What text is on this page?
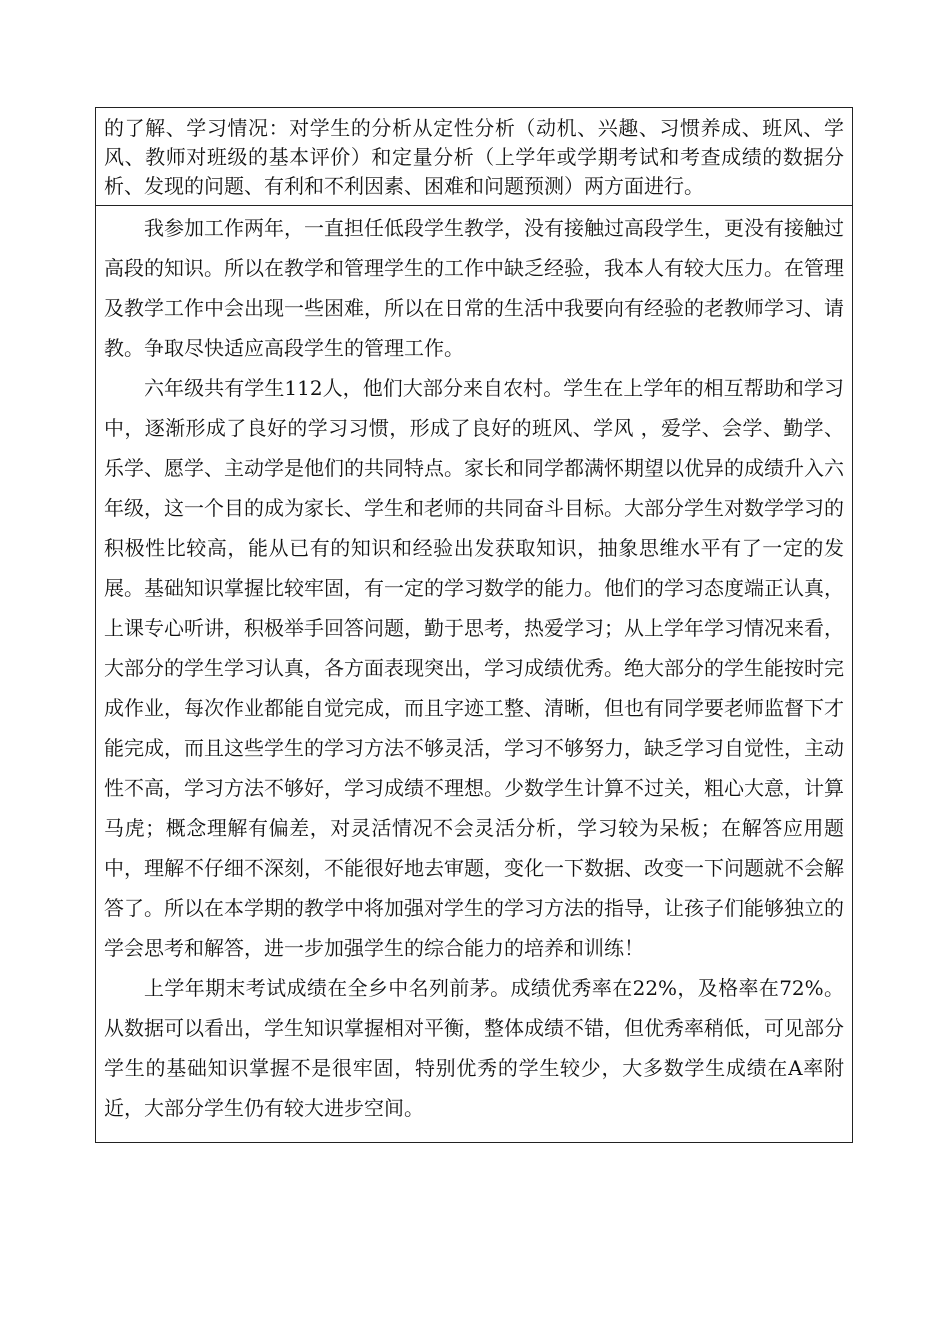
的了解、学习情况：对学生的分析从定性分析（动机、兴趣、习惯养成、班风、学风、教师对班级的基本评价）和定量分析（上学年或学期考试和考查成绩的数据分析、发现的问题、有利和不利因素、困难和问题预测）两方面进行。

我参加工作两年，一直担任低段学生教学，没有接触过高段学生，更没有接触过高段的知识。所以在教学和管理学生的工作中缺乏经验，我本人有较大压力。在管理及教学工作中会出现一些困难，所以在日常的生活中我要向有经验的老教师学习、请教。争取尽快适应高段学生的管理工作。

六年级共有学生112人，他们大部分来自农村。学生在上学年的相互帮助和学习中，逐渐形成了良好的学习习惯，形成了良好的班风、学风 ，爱学、会学、勤学、乐学、愿学、主动学是他们的共同特点。家长和同学都满怀期望以优异的成绩升入六年级，这一个目的成为家长、学生和老师的共同奋斗目标。大部分学生对数学学习的积极性比较高，能从已有的知识和经验出发获取知识，抽象思维水平有了一定的发展。基础知识掌握比较牢固，有一定的学习数学的能力。他们的学习态度端正认真，上课专心听讲，积极举手回答问题，勤于思考，热爱学习；从上学年学习情况来看，大部分的学生学习认真，各方面表现突出，学习成绩优秀。绝大部分的学生能按时完成作业，每次作业都能自觉完成，而且字迹工整、清晰，但也有同学要老师监督下才能完成，而且这些学生的学习方法不够灵活，学习不够努力，缺乏学习自觉性，主动性不高，学习方法不够好，学习成绩不理想。少数学生计算不过关，粗心大意，计算马虎；概念理解有偏差，对灵活情况不会灵活分析，学习较为呆板；在解答应用题中，理解不仔细不深刻，不能很好地去审题，变化一下数据、改变一下问题就不会解答了。所以在本学期的教学中将加强对学生的学习方法的指导，让孩子们能够独立的学会思考和解答，进一步加强学生的综合能力的培养和训练！

上学年期末考试成绩在全乡中名列前茅。成绩优秀率在22%，及格率在72%。从数据可以看出，学生知识掌握相对平衡，整体成绩不错，但优秀率稍低，可见部分学生的基础知识掌握不是很牢固，特别优秀的学生较少，大多数学生成绩在A率附近，大部分学生仍有较大进步空间。
